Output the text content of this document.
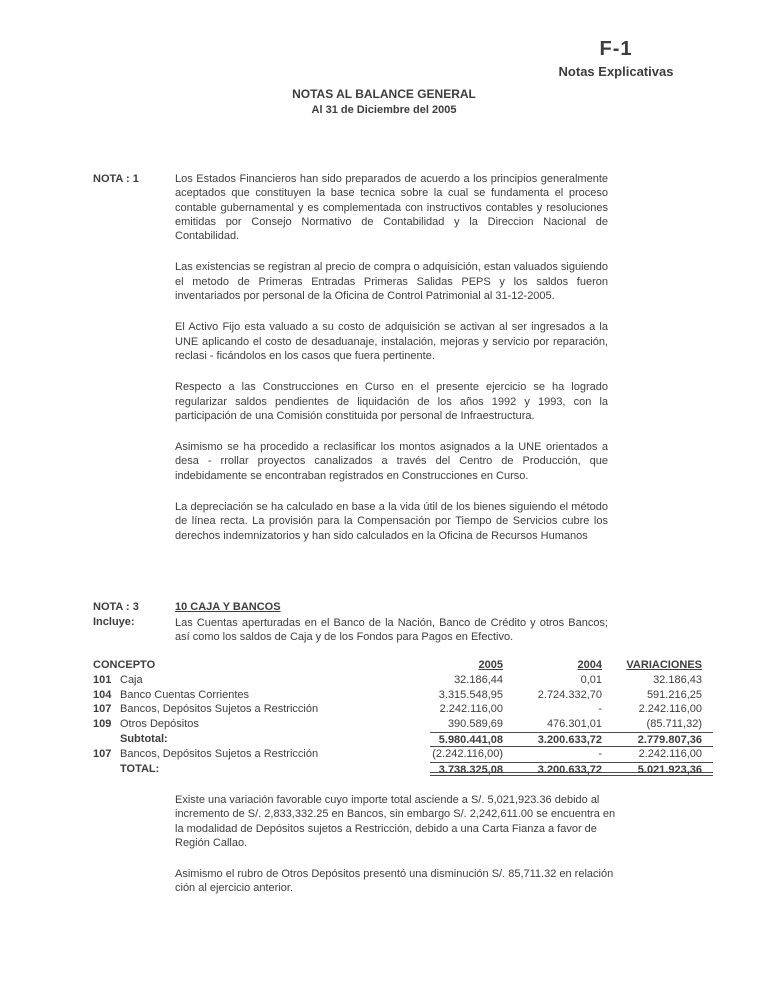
F-1
Notas Explicativas
NOTAS AL BALANCE GENERAL
Al 31 de Diciembre del 2005
NOTA : 1	Los Estados Financieros han sido preparados de acuerdo a los principios generalmente aceptados que constituyen la base tecnica sobre la cual se fundamenta el proceso contable gubernamental y es complementada con instructivos contables y resoluciones emitidas por Consejo Normativo de Contabilidad y la Direccion Nacional de Contabilidad.

Las existencias se registran al precio de compra o adquisición, estan valuados siguiendo el metodo de Primeras Entradas Primeras Salidas PEPS y los saldos fueron inventariados por personal de la Oficina de Control Patrimonial al 31-12-2005.

El Activo Fijo esta valuado a su costo de adquisición se activan al ser ingresados a la UNE aplicando el costo de desaduanaje, instalación, mejoras y servicio por reparación, reclasi - ficándolos en los casos que fuera pertinente.

Respecto a las Construcciones en Curso en el presente ejercicio se ha logrado regularizar saldos pendientes de liquidación de los años 1992 y 1993, con la participación de una Comisión constituida por personal de Infraestructura.

Asimismo se ha procedido a reclasificar los montos asignados a la UNE orientados a desa - rrollar proyectos canalizados a través del Centro de Producción, que indebidamente se encontraban registrados en Construcciones en Curso.

La depreciación se ha calculado en base a la vida útil de los bienes siguiendo el método de línea recta. La provisión para la Compensación por Tiempo de Servicios cubre los derechos indemnizatorios y han sido calculados en la Oficina de Recursos Humanos

NOTA : 3
Incluye:
10 CAJA Y BANCOS

Las Cuentas aperturadas en el Banco de la Nación, Banco de Crédito y otros Bancos; así como los saldos de Caja y de los Fondos para Pagos en Efectivo.

CONCEPTO	2005	2004	VARIACIONES
101 Caja	32.186,44	0,01	32.186,43
104 Banco Cuentas Corrientes	3.315.548,95	2.724.332,70	591.216,25
107 Bancos, Depósitos Sujetos a Restricción	2.242.116,00	-	2.242.116,00
109 Otros Depósitos	390.589,69	476.301,01	(85.711,32)
Subtotal:	5.980.441,08	3.200.633,72	2.779.807,36
107 Bancos, Depósitos Sujetos a Restricción	(2.242.116,00)	-	2.242.116,00
TOTAL:	3.738.325,08	3.200.633,72	5.021.923,36

Existe una variación favorable cuyo importe total asciende a S/. 5,021,923.36 debido al incremento de S/. 2,833,332.25 en Bancos, sin embargo S/. 2,242,611.00 se encuentra en la modalidad de Depósitos sujetos a Restricción, debido a una Carta Fianza a favor de Región Callao.

Asimismo el rubro de Otros Depósitos presentó una disminución S/. 85,711.32 en relación ción al ejercicio anterior.
